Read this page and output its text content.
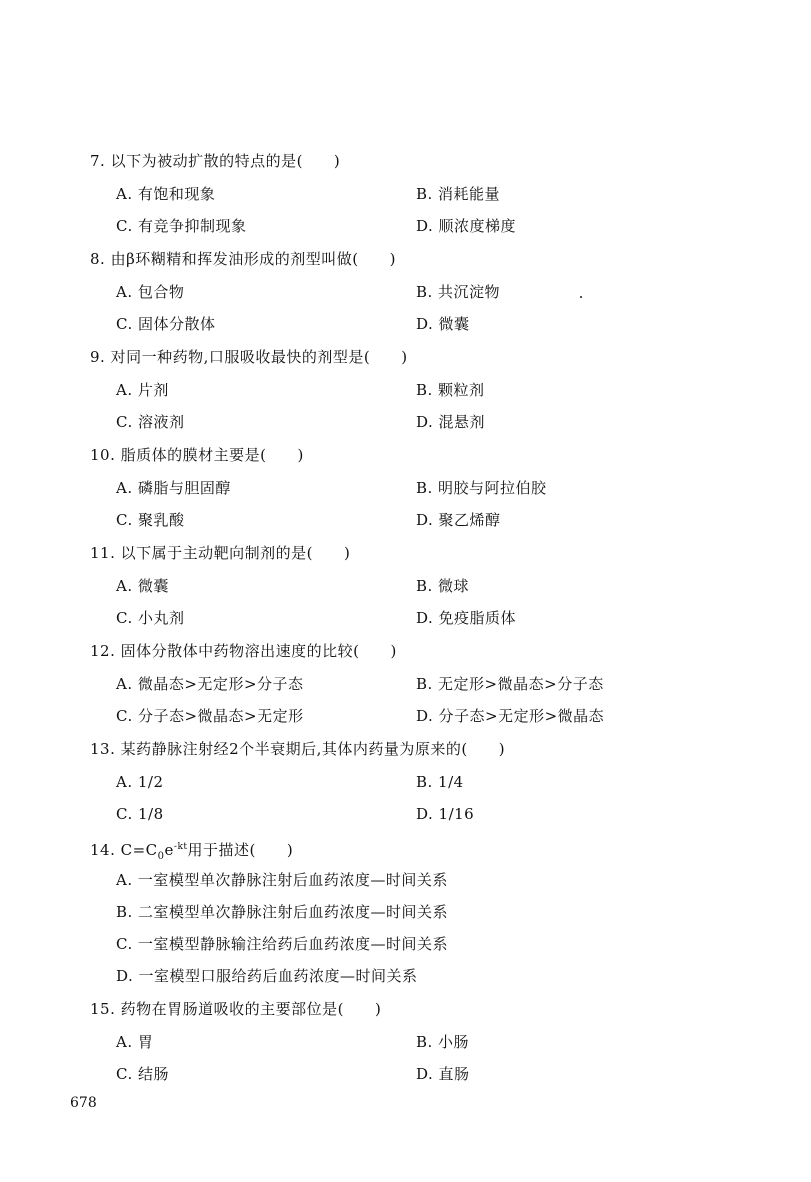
7. 以下为被动扩散的特点的是(　　)
A. 有饱和现象	B. 消耗能量
C. 有竞争抑制现象	D. 顺浓度梯度
8. 由β环糊精和挥发油形成的剂型叫做(　　)
A. 包合物	B. 共沉淀物
C. 固体分散体	D. 微囊
9. 对同一种药物,口服吸收最快的剂型是(　　)
A. 片剂	B. 颗粒剂
C. 溶液剂	D. 混悬剂
10. 脂质体的膜材主要是(　　)
A. 磷脂与胆固醇	B. 明胶与阿拉伯胶
C. 聚乳酸	D. 聚乙烯醇
11. 以下属于主动靶向制剂的是(　　)
A. 微囊	B. 微球
C. 小丸剂	D. 免疫脂质体
12. 固体分散体中药物溶出速度的比较(　　)
A. 微晶态>无定形>分子态	B. 无定形>微晶态>分子态
C. 分子态>微晶态>无定形	D. 分子态>无定形>微晶态
13. 某药静脉注射经2个半衰期后,其体内药量为原来的(　　)
A. 1/2	B. 1/4
C. 1/8	D. 1/16
14. $C=C_0e^{-kt}$用于描述(　　)
A. 一室模型单次静脉注射后血药浓度—时间关系
B. 二室模型单次静脉注射后血药浓度—时间关系
C. 一室模型静脉输注给药后血药浓度—时间关系
D. 一室模型口服给药后血药浓度—时间关系
15. 药物在胃肠道吸收的主要部位是(　　)
A. 胃	B. 小肠
C. 结肠	D. 直肠
678
